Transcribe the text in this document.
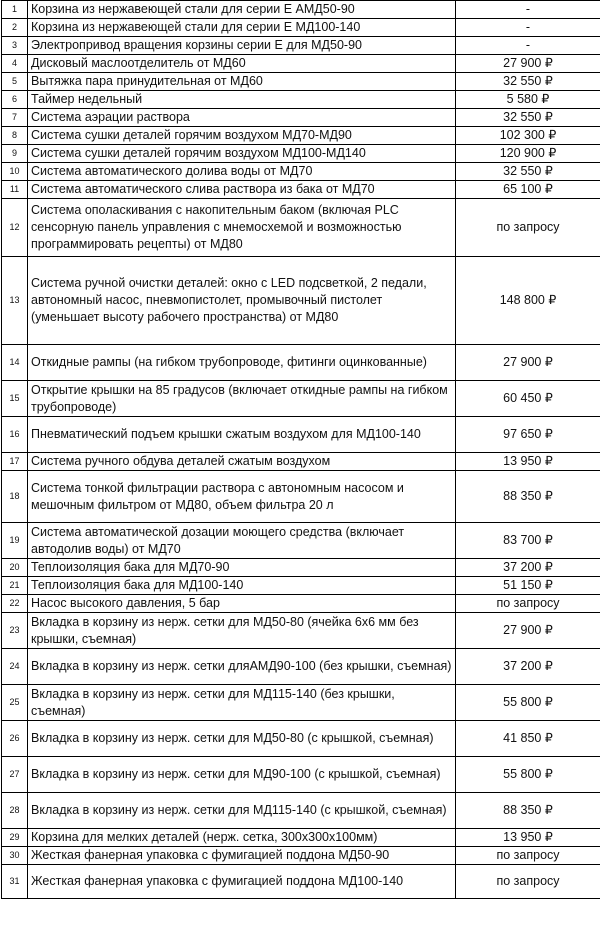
1	Корзина из нержавеющей стали для серии Е АМД50-90	-
2	Корзина из нержавеющей стали для серии Е МД100-140	-
3	Электропривод вращения корзины серии Е для МД50-90	-
4	Дисковый маслоотделитель от МД60	27 900 ₽
5	Вытяжка пара принудительная от МД60	32 550 ₽
6	Таймер недельный	5 580 ₽
7	Система аэрации раствора	32 550 ₽
8	Система сушки деталей горячим воздухом МД70-МД90	102 300 ₽
9	Система сушки деталей горячим воздухом МД100-МД140	120 900 ₽
10	Система автоматического долива воды от МД70	32 550 ₽
11	Система автоматического слива раствора из бака от МД70	65 100 ₽
12	Система ополаскивания с накопительным баком (включая PLC сенсорную панель управления с мнемосхемой и возможностью программировать рецепты) от МД80	по запросу
13	Система ручной очистки деталей: окно с LED подсветкой, 2 педали, автономный насос, пневмопистолет, промывочный пистолет (уменьшает высоту рабочего пространства) от МД80	148 800 ₽
14	Откидные рампы (на гибком трубопроводе, фитинги оцинкованные)	27 900 ₽
15	Открытие крышки на 85 градусов (включает откидные рампы на гибком трубопроводе)	60 450 ₽
16	Пневматический подъем крышки сжатым воздухом для МД100-140	97 650 ₽
17	Система ручного обдува деталей сжатым воздухом	13 950 ₽
18	Система тонкой фильтрации раствора с автономным насосом и мешочным фильтром от МД80, объем фильтра 20 л	88 350 ₽
19	Система автоматической дозации моющего средства (включает автодолив воды) от МД70	83 700 ₽
20	Теплоизоляция бака для МД70-90	37 200 ₽
21	Теплоизоляция бака для МД100-140	51 150 ₽
22	Насос высокого давления, 5 бар	по запросу
23	Вкладка в корзину из нерж. сетки для МД50-80 (ячейка 6х6 мм без крышки, съемная)	27 900 ₽
24	Вкладка в корзину из нерж. сетки дляАМД90-100 (без крышки, съемная)	37 200 ₽
25	Вкладка в корзину из нерж. сетки для МД115-140 (без крышки, съемная)	55 800 ₽
26	Вкладка в корзину из нерж. сетки для МД50-80 (с крышкой, съемная)	41 850 ₽
27	Вкладка в корзину из нерж. сетки для МД90-100 (с крышкой, съемная)	55 800 ₽
28	Вкладка в корзину из нерж. сетки для МД115-140 (с крышкой, съемная)	88 350 ₽
29	Корзина для мелких деталей (нерж. сетка, 300х300х100мм)	13 950 ₽
30	Жесткая фанерная упаковка с фумигацией поддона МД50-90	по запросу
31	Жесткая фанерная упаковка с фумигацией поддона МД100-140	по запросу
